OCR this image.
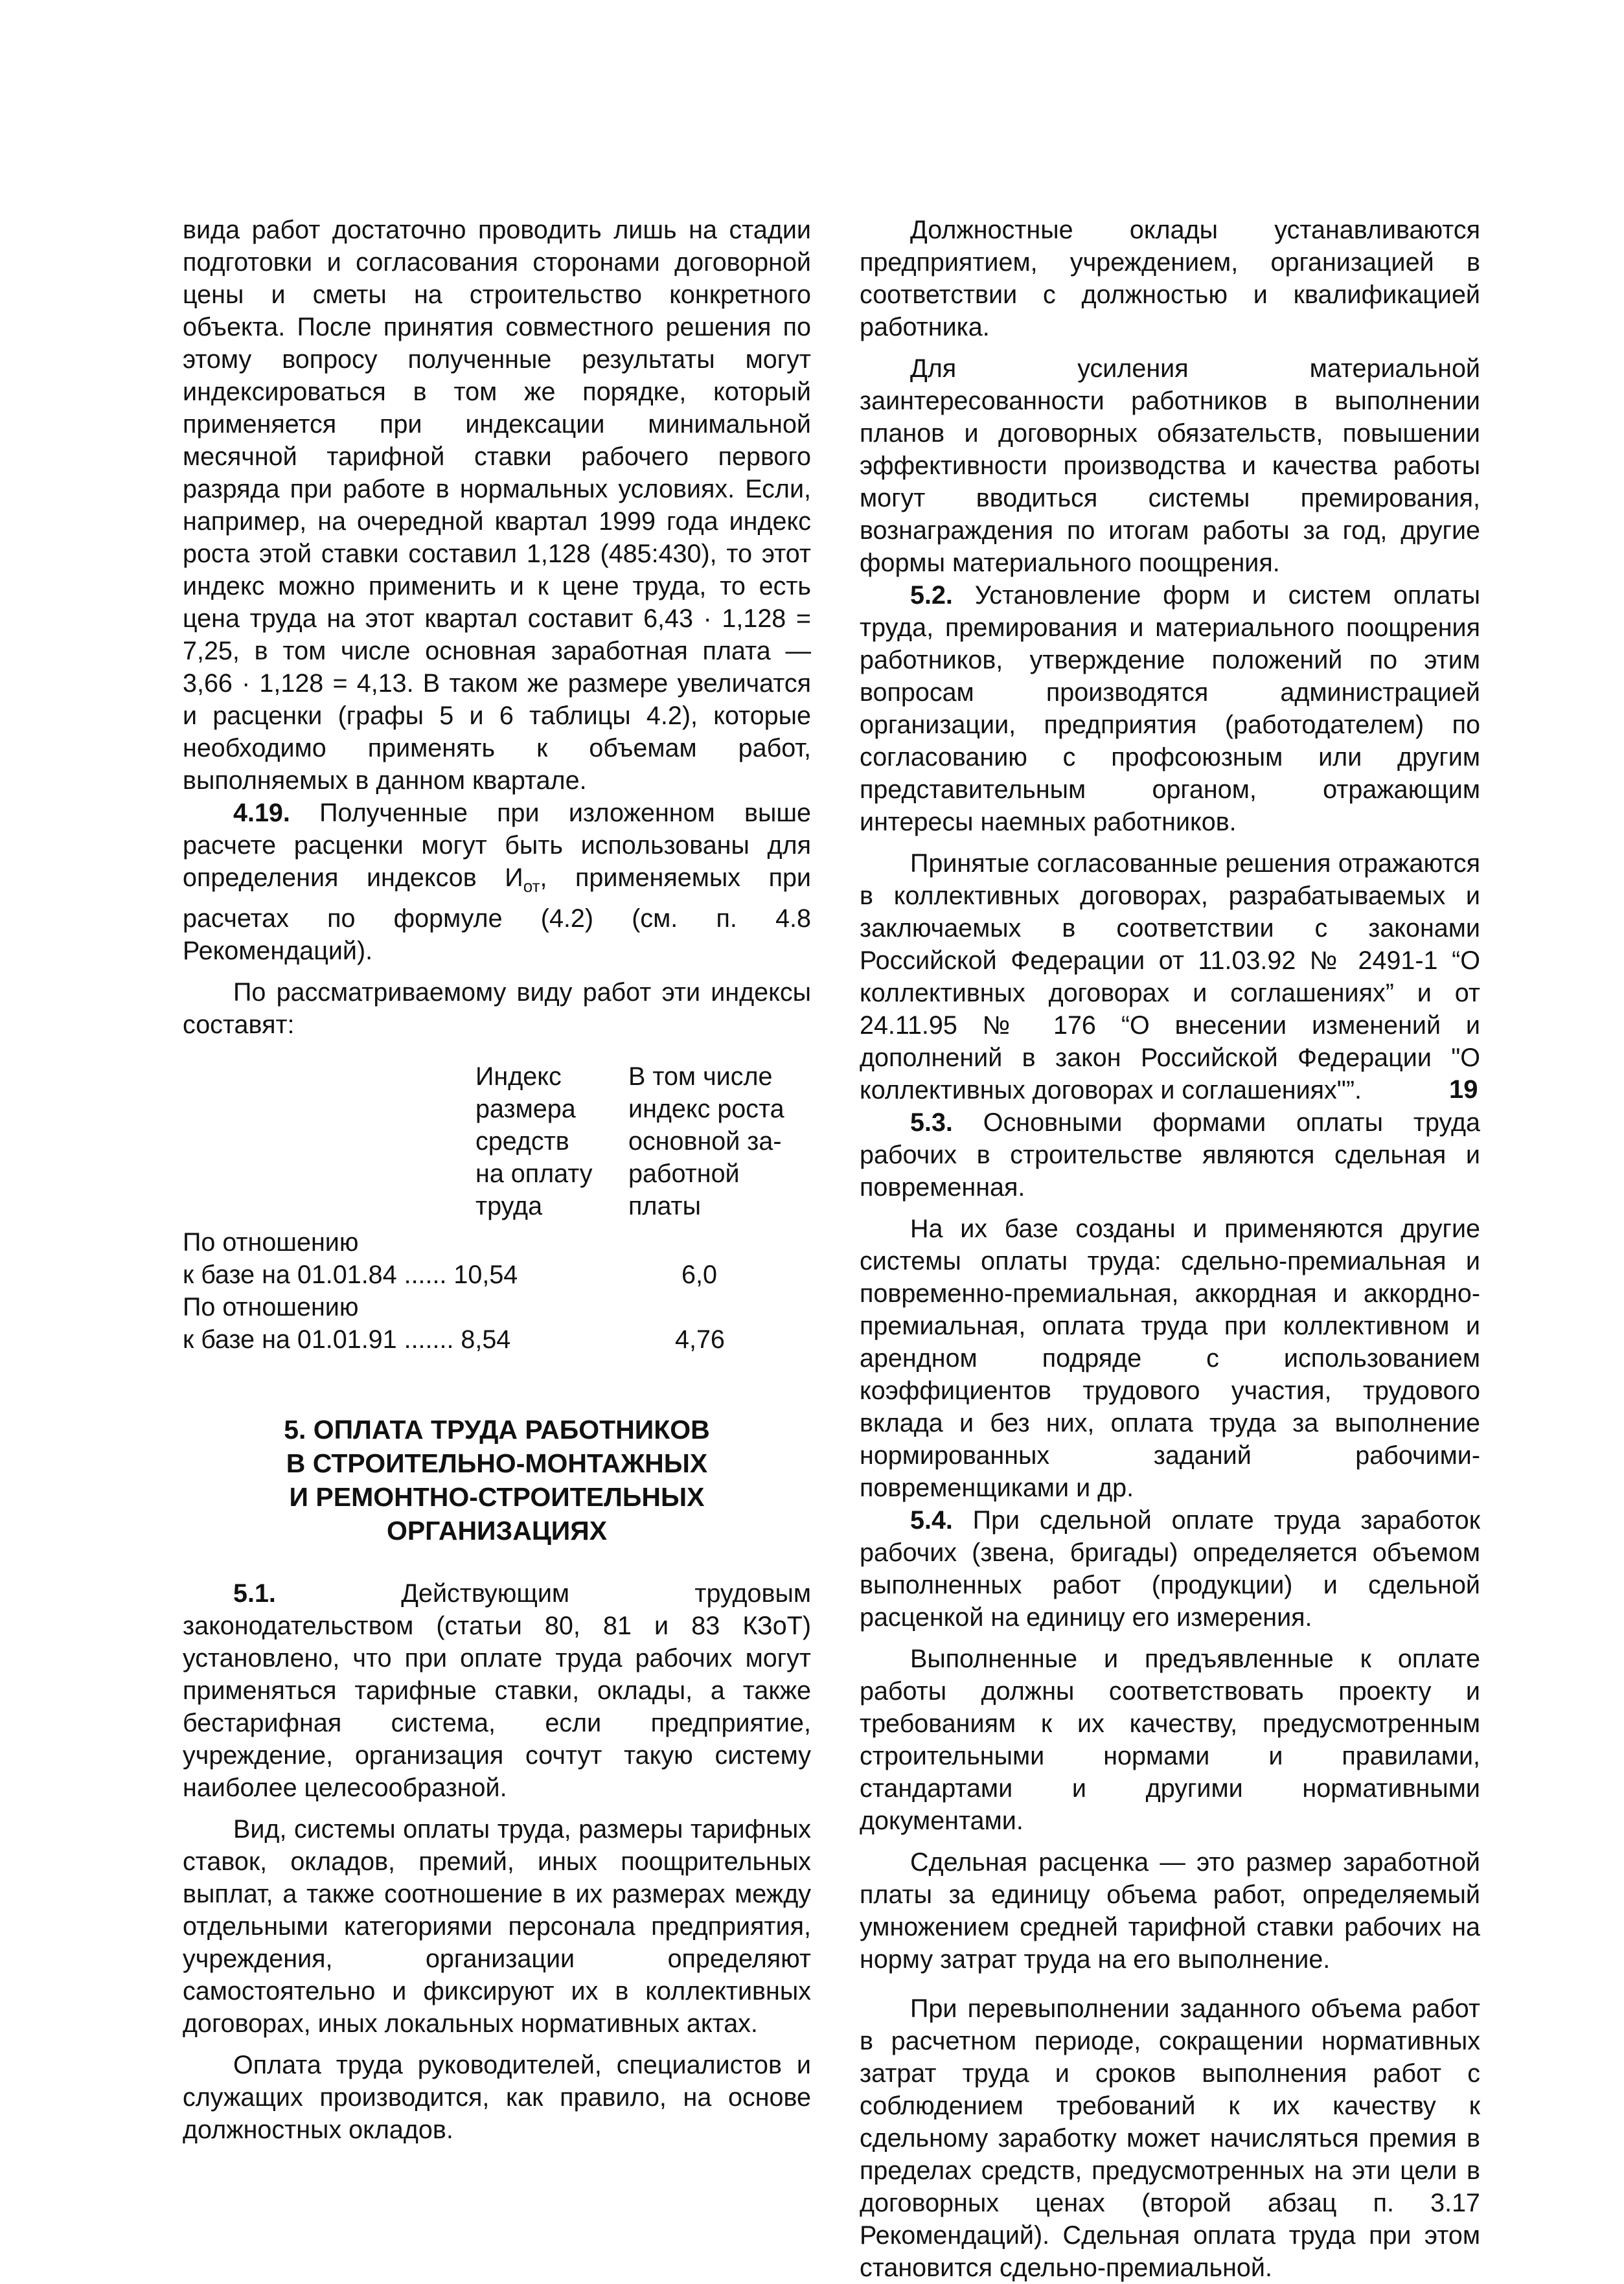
вида работ достаточно проводить лишь на стадии подготовки и согласования сторонами договорной цены и сметы на строительство конкретного объекта. После принятия совместного решения по этому вопросу полученные результаты могут индексироваться в том же порядке, который применяется при индексации минимальной месячной тарифной ставки рабочего первого разряда при работе в нормальных условиях. Если, например, на очередной квартал 1999 года индекс роста этой ставки составил 1,128 (485:430), то этот индекс можно применить и к цене труда, то есть цена труда на этот квартал составит 6,43 · 1,128 = 7,25, в том числе основная заработная плата — 3,66 · 1,128 = 4,13. В таком же размере увеличатся и расценки (графы 5 и 6 таблицы 4.2), которые необходимо применять к объемам работ, выполняемых в данном квартале.

4.19. Полученные при изложенном выше расчете расценки могут быть использованы для определения индексов $И_{от}$, применяемых при расчетах по формуле (4.2) (см. п. 4.8 Рекомендаций).

По рассматриваемому виду работ эти индексы составят:

Индекс
размера
средств
на оплату
труда
В том числе
индекс роста
основной за-
работной
платы
По отношению
к базе на 01.01.84 ...... 10,54	6,0
По отношению
к базе на 01.01.91 ....... 8,54	4,76
5. ОПЛАТА ТРУДА РАБОТНИКОВ
В СТРОИТЕЛЬНО-МОНТАЖНЫХ
И РЕМОНТНО-СТРОИТЕЛЬНЫХ
ОРГАНИЗАЦИЯХ

5.1. Действующим трудовым законодательством (статьи 80, 81 и 83 КЗоТ) установлено, что при оплате труда рабочих могут применяться тарифные ставки, оклады, а также бестарифная система, если предприятие, учреждение, организация сочтут такую систему наиболее целесообразной.

Вид, системы оплаты труда, размеры тарифных ставок, окладов, премий, иных поощрительных выплат, а также соотношение в их размерах между отдельными категориями персонала предприятия, учреждения, организации определяют самостоятельно и фиксируют их в коллективных договорах, иных локальных нормативных актах.

Оплата труда руководителей, специалистов и служащих производится, как правило, на основе должностных окладов.

Должностные оклады устанавливаются предприятием, учреждением, организацией в соответствии с должностью и квалификацией работника.

Для усиления материальной заинтересованности работников в выполнении планов и договорных обязательств, повышении эффективности производства и качества работы могут вводиться системы премирования, вознаграждения по итогам работы за год, другие формы материального поощрения.

5.2. Установление форм и систем оплаты труда, премирования и материального поощрения работников, утверждение положений по этим вопросам производятся администрацией организации, предприятия (работодателем) по согласованию с профсоюзным или другим представительным органом, отражающим интересы наемных работников.

Принятые согласованные решения отражаются в коллективных договорах, разрабатываемых и заключаемых в соответствии с законами Российской Федерации от 11.03.92 № 2491-1 “О коллективных договорах и соглашениях” и от 24.11.95 № 176 “О внесении изменений и дополнений в закон Российской Федерации "О коллективных договорах и соглашениях"”.

5.3. Основными формами оплаты труда рабочих в строительстве являются сдельная и повременная.

На их базе созданы и применяются другие системы оплаты труда: сдельно-премиальная и повременно-премиальная, аккордная и аккордно-премиальная, оплата труда при коллективном и арендном подряде с использованием коэффициентов трудового участия, трудового вклада и без них, оплата труда за выполнение нормированных заданий рабочими-повременщиками и др.

5.4. При сдельной оплате труда заработок рабочих (звена, бригады) определяется объемом выполненных работ (продукции) и сдельной расценкой на единицу его измерения.

Выполненные и предъявленные к оплате работы должны соответствовать проекту и требованиям к их качеству, предусмотренным строительными нормами и правилами, стандартами и другими нормативными документами.

Сдельная расценка — это размер заработной платы за единицу объема работ, определяемый умножением средней тарифной ставки рабочих на норму затрат труда на его выполнение.

При перевыполнении заданного объема работ в расчетном периоде, сокращении нормативных затрат труда и сроков выполнения работ с соблюдением требований к их качеству к сдельному заработку может начисляться премия в пределах средств, предусмотренных на эти цели в договорных ценах (второй абзац п. 3.17 Рекомендаций). Сдельная оплата труда при этом становится сдельно-премиальной.

19
